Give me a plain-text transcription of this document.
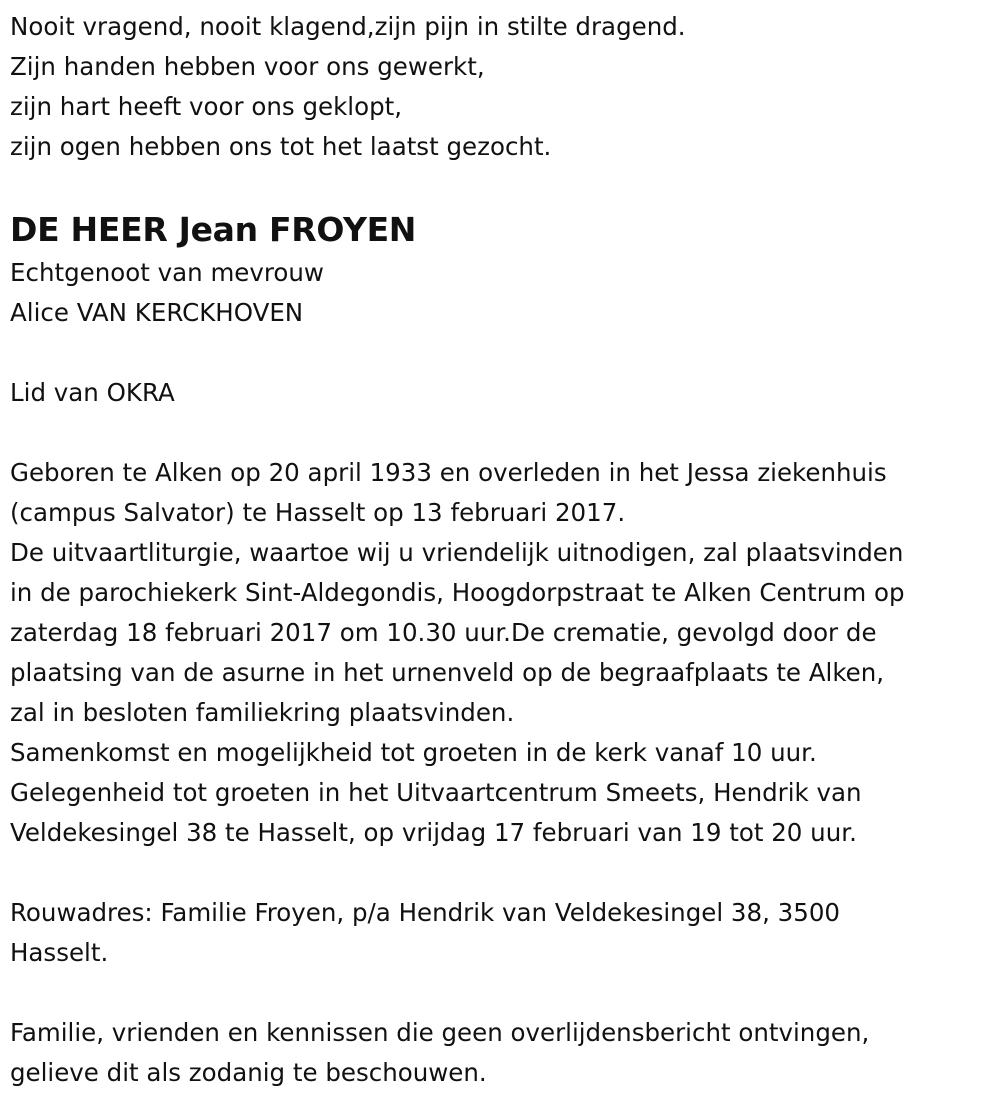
Nooit vragend, nooit klagend,zijn pijn in stilte dragend.
Zijn handen hebben voor ons gewerkt,
zijn hart heeft voor ons geklopt,
zijn ogen hebben ons tot het laatst gezocht.
DE HEER Jean FROYEN
Echtgenoot van mevrouw
Alice VAN KERCKHOVEN
Lid van OKRA
Geboren te Alken op 20 april 1933 en overleden in het Jessa ziekenhuis
(campus Salvator) te Hasselt op 13 februari 2017.
De uitvaartliturgie, waartoe wij u vriendelijk uitnodigen, zal plaatsvinden
in de parochiekerk Sint-Aldegondis, Hoogdorpstraat te Alken Centrum op
zaterdag 18 februari 2017 om 10.30 uur.De crematie, gevolgd door de
plaatsing van de asurne in het urnenveld op de begraafplaats te Alken,
zal in besloten familiekring plaatsvinden.
Samenkomst en mogelijkheid tot groeten in de kerk vanaf 10 uur.
Gelegenheid tot groeten in het Uitvaartcentrum Smeets, Hendrik van
Veldekesingel 38 te Hasselt, op vrijdag 17 februari van 19 tot 20 uur.
Rouwadres: Familie Froyen, p/a Hendrik van Veldekesingel 38, 3500
Hasselt.
Familie, vrienden en kennissen die geen overlijdensbericht ontvingen,
gelieve dit als zodanig te beschouwen.
